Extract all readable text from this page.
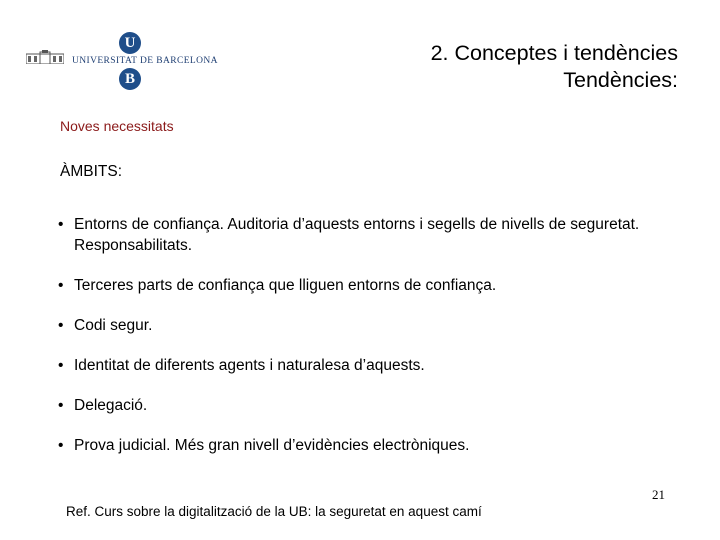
U
UNIVERSITAT DE BARCELONA
B
2. Conceptes i tendències
Tendències:
Noves necessitats
ÀMBITS:
• Entorns de confiança. Auditoria d’aquests entorns i segells de nivells de seguretat. Responsabilitats.
• Terceres parts de confiança que lliguen entorns de confiança.
• Codi segur.
• Identitat de diferents agents i naturalesa d’aquests.
• Delegació.
• Prova judicial. Més gran nivell d’evidències electròniques.
21
Ref. Curs sobre la digitalització de la UB: la seguretat en aquest camí
